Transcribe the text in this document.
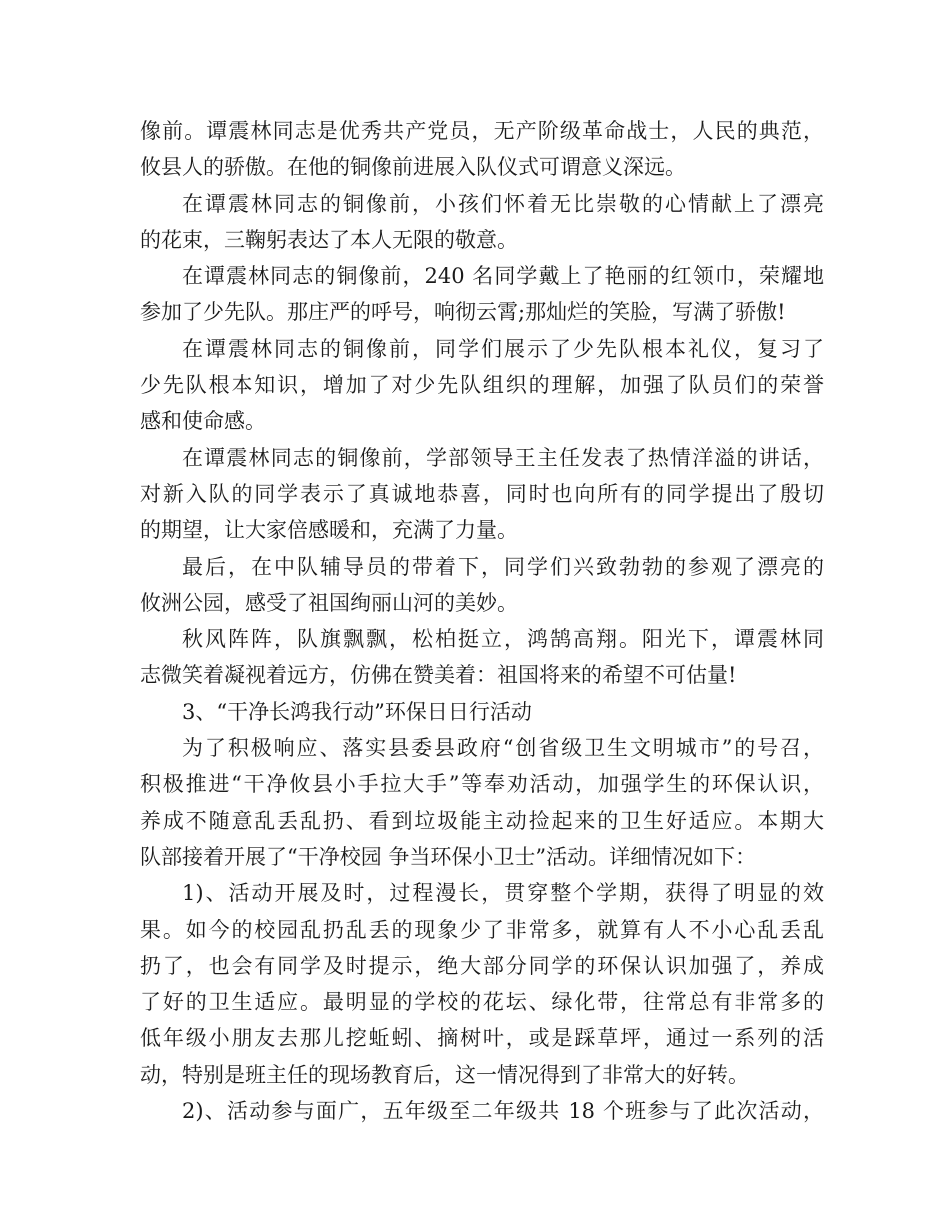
像前。谭震林同志是优秀共产党员，无产阶级革命战士，人民的典范，
攸县人的骄傲。在他的铜像前进展入队仪式可谓意义深远。
在谭震林同志的铜像前，小孩们怀着无比崇敬的心情献上了漂亮
的花束，三鞠躬表达了本人无限的敬意。
在谭震林同志的铜像前，240 名同学戴上了艳丽的红领巾，荣耀地
参加了少先队。那庄严的呼号，响彻云霄;那灿烂的笑脸，写满了骄傲!
在谭震林同志的铜像前，同学们展示了少先队根本礼仪，复习了
少先队根本知识，增加了对少先队组织的理解，加强了队员们的荣誉
感和使命感。
在谭震林同志的铜像前，学部领导王主任发表了热情洋溢的讲话，
对新入队的同学表示了真诚地恭喜，同时也向所有的同学提出了殷切
的期望，让大家倍感暖和，充满了力量。
最后，在中队辅导员的带着下，同学们兴致勃勃的参观了漂亮的
攸洲公园，感受了祖国绚丽山河的美妙。
秋风阵阵，队旗飘飘，松柏挺立，鸿鹄高翔。阳光下，谭震林同
志微笑着凝视着远方，仿佛在赞美着：祖国将来的希望不可估量!
3、“干净长鸿我行动”环保日日行活动
为了积极响应、落实县委县政府“创省级卫生文明城市”的号召，
积极推进“干净攸县小手拉大手”等奉劝活动，加强学生的环保认识，
养成不随意乱丢乱扔、看到垃圾能主动捡起来的卫生好适应。本期大
队部接着开展了“干净校园 争当环保小卫士”活动。详细情况如下：
1)、活动开展及时，过程漫长，贯穿整个学期，获得了明显的效
果。如今的校园乱扔乱丢的现象少了非常多，就算有人不小心乱丢乱
扔了，也会有同学及时提示，绝大部分同学的环保认识加强了，养成
了好的卫生适应。最明显的学校的花坛、绿化带，往常总有非常多的
低年级小朋友去那儿挖蚯蚓、摘树叶，或是踩草坪，通过一系列的活
动，特别是班主任的现场教育后，这一情况得到了非常大的好转。
2)、活动参与面广，五年级至二年级共 18 个班参与了此次活动，
